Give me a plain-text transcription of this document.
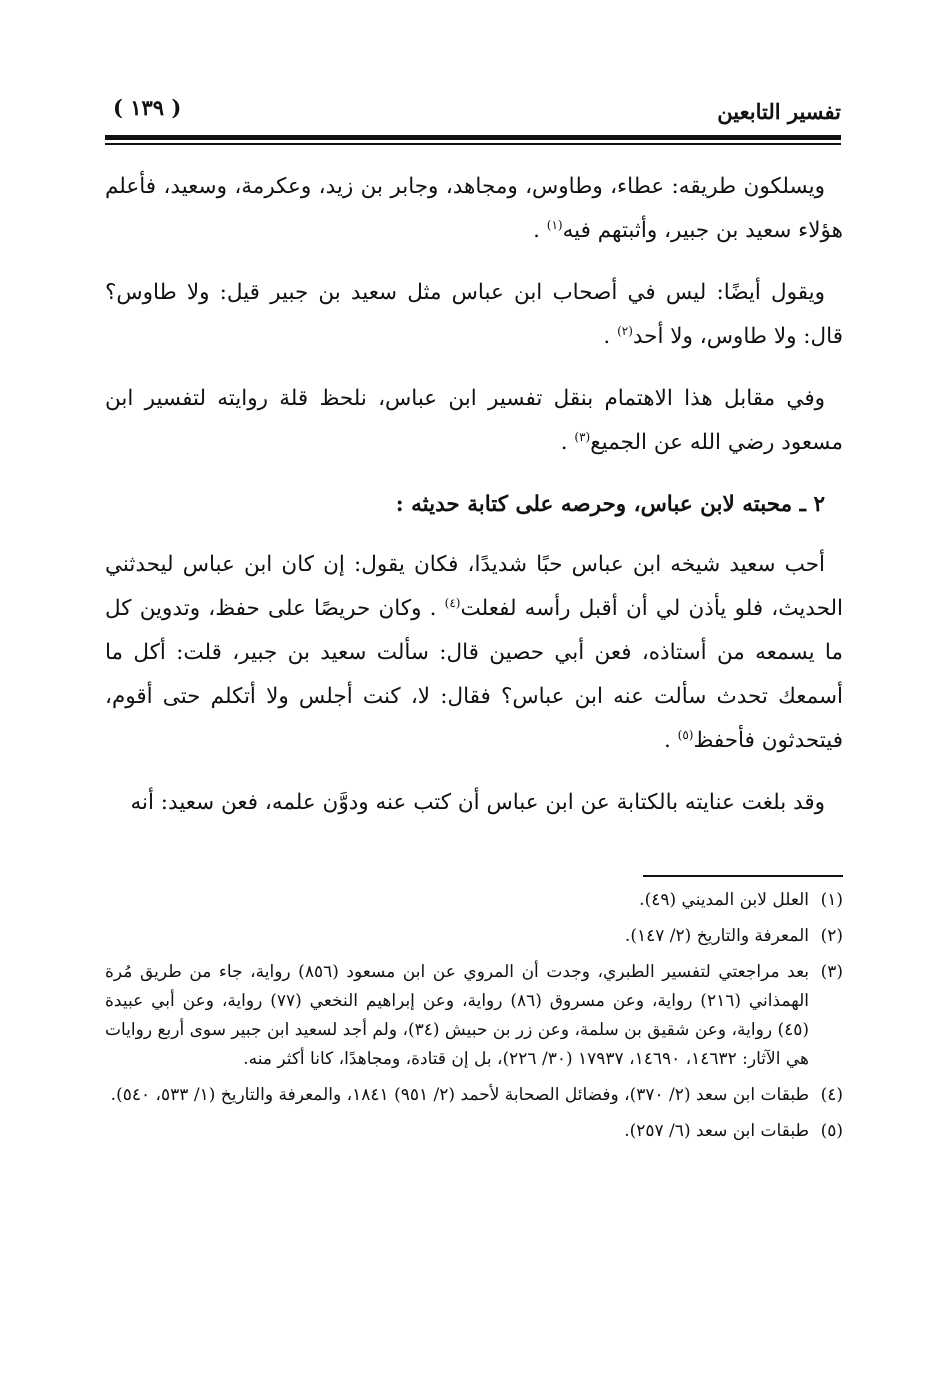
تفسير التابعين
( ١٣٩ )

ويسلكون طريقه: عطاء، وطاوس، ومجاهد، وجابر بن زيد، وعكرمة، وسعيد، فأعلم هؤلاء سعيد بن جبير، وأثبتهم فيه$^{(١)}$ .

ويقول أيضًا: ليس في أصحاب ابن عباس مثل سعيد بن جبير قيل: ولا طاوس؟ قال: ولا طاوس، ولا أحد$^{(٢)}$ .

وفي مقابل هذا الاهتمام بنقل تفسير ابن عباس، نلحظ قلة روايته لتفسير ابن مسعود رضي الله عن الجميع$^{(٣)}$ .

٢ ـ محبته لابن عباس، وحرصه على كتابة حديثه :

أحب سعيد شيخه ابن عباس حبًا شديدًا، فكان يقول: إن كان ابن عباس ليحدثني الحديث، فلو يأذن لي أن أقبل رأسه لفعلت$^{(٤)}$ . وكان حريصًا على حفظ، وتدوين كل ما يسمعه من أستاذه، فعن أبي حصين قال: سألت سعيد بن جبير، قلت: أكل ما أسمعك تحدث سألت عنه ابن عباس؟ فقال: لا، كنت أجلس ولا أتكلم حتى أقوم، فيتحدثون فأحفظ$^{(٥)}$ .

وقد بلغت عنايته بالكتابة عن ابن عباس أن كتب عنه ودوَّن علمه، فعن سعيد: أنه

(١)
العلل لابن المديني (٤٩).
(٢)
المعرفة والتاريخ (٢/ ١٤٧).
(٣)
بعد مراجعتي لتفسير الطبري، وجدت أن المروي عن ابن مسعود (٨٥٦) رواية، جاء من طريق مُرة الهمذاني (٢١٦) رواية، وعن مسروق (٨٦) رواية، وعن إبراهيم النخعي (٧٧) رواية، وعن أبي عبيدة (٤٥) رواية، وعن شقيق بن سلمة، وعن زر بن حبيش (٣٤)، ولم أجد لسعيد ابن جبير سوى أربع روايات هي الآثار: ١٤٦٣٢، ١٤٦٩٠، ١٧٩٣٧ (٣٠/ ٢٢٦)، بل إن قتادة، ومجاهدًا، كانا أكثر منه.
(٤)
طبقات ابن سعد (٢/ ٣٧٠)، وفضائل الصحابة لأحمد (٢/ ٩٥١) ١٨٤١، والمعرفة والتاريخ (١/ ٥٣٣، ٥٤٠).
(٥)
طبقات ابن سعد (٦/ ٢٥٧).
